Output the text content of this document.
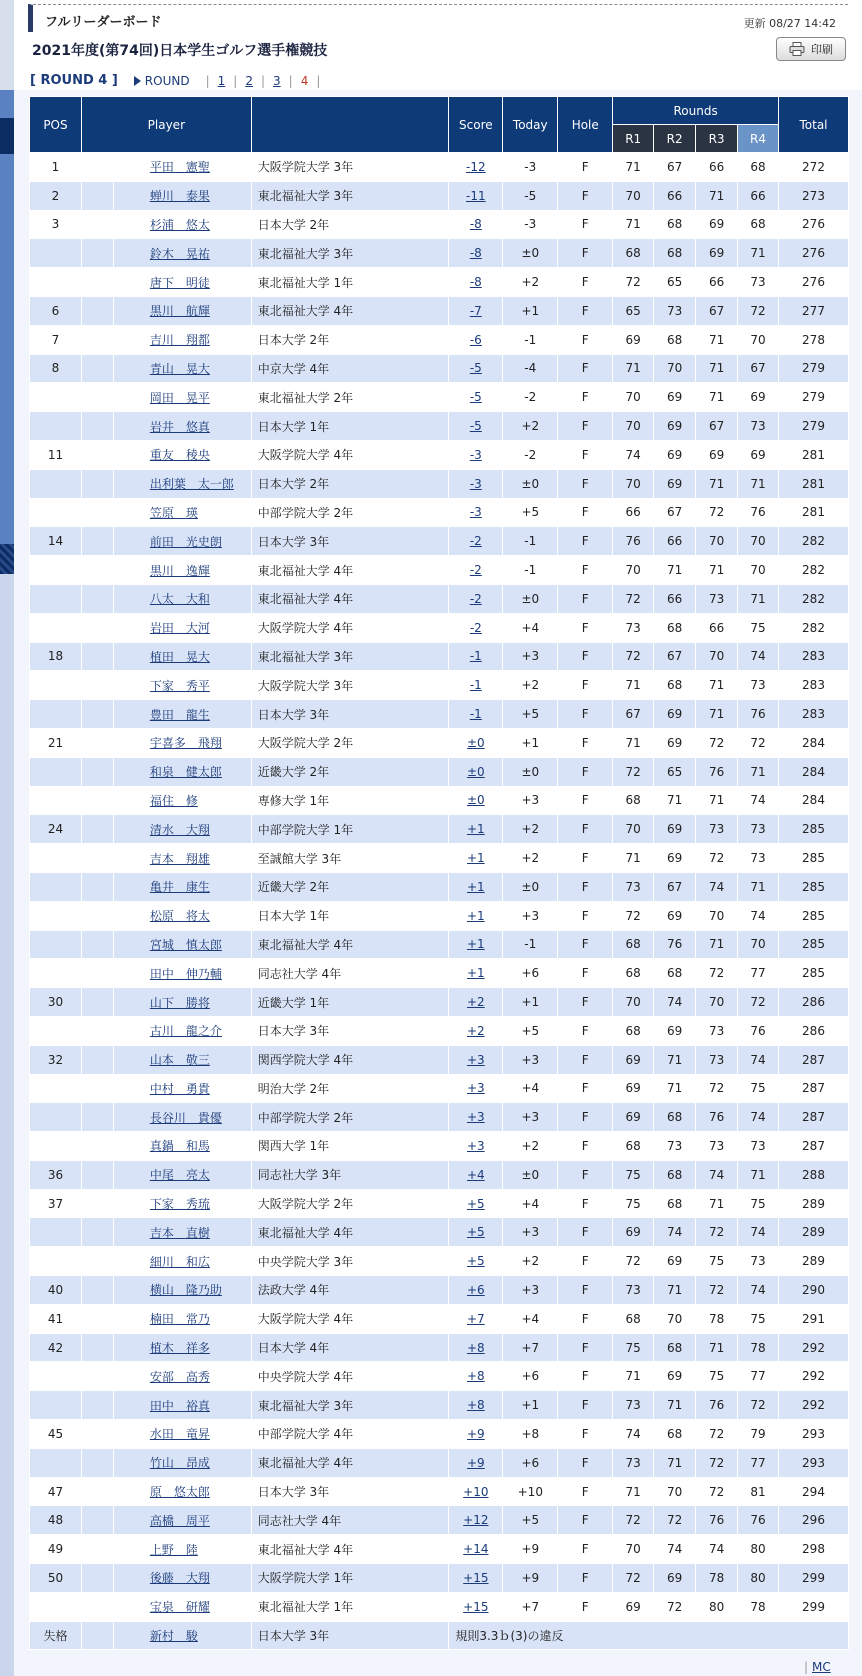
フルリーダーボード	更新 08/27 14:42
2021年度(第74回)日本学生ゴルフ選手権競技	印刷
[ ROUND 4 ] ROUND | 1 | 2 | 3 | 4 |
POS	Player			Score	Today	Hole	Rounds				Total
							R1	R2	R3	R4	
1		平田　憲聖	大阪学院大学 3年	-12	-3	F	71	67	66	68	272
2		蝉川　泰果	東北福祉大学 3年	-11	-5	F	70	66	71	66	273
3		杉浦　悠太	日本大学 2年	-8	-3	F	71	68	69	68	276
		鈴木　晃祐	東北福祉大学 3年	-8	±0	F	68	68	69	71	276
		唐下　明徒	東北福祉大学 1年	-8	+2	F	72	65	66	73	276
6		黒川　航輝	東北福祉大学 4年	-7	+1	F	65	73	67	72	277
7		吉川　翔都	日本大学 2年	-6	-1	F	69	68	71	70	278
8		青山　晃大	中京大学 4年	-5	-4	F	71	70	71	67	279
		岡田　晃平	東北福祉大学 2年	-5	-2	F	70	69	71	69	279
		岩井　悠真	日本大学 1年	-5	+2	F	70	69	67	73	279
11		重友　稜央	大阪学院大学 4年	-3	-2	F	74	69	69	69	281
		出利葉　太一郎	日本大学 2年	-3	±0	F	70	69	71	71	281
		笠原　瑛	中部学院大学 2年	-3	+5	F	66	67	72	76	281
14		前田　光史朗	日本大学 3年	-2	-1	F	76	66	70	70	282
		黒川　逸輝	東北福祉大学 4年	-2	-1	F	70	71	71	70	282
		八太　大和	東北福祉大学 4年	-2	±0	F	72	66	73	71	282
		岩田　大河	大阪学院大学 4年	-2	+4	F	73	68	66	75	282
18		植田　晃大	東北福祉大学 3年	-1	+3	F	72	67	70	74	283
		下家　秀平	大阪学院大学 3年	-1	+2	F	71	68	71	73	283
		豊田　龍生	日本大学 3年	-1	+5	F	67	69	71	76	283
21		宇喜多　飛翔	大阪学院大学 2年	±0	+1	F	71	69	72	72	284
		和泉　健太郎	近畿大学 2年	±0	±0	F	72	65	76	71	284
		福住　修	専修大学 1年	±0	+3	F	68	71	71	74	284
24		清水　大翔	中部学院大学 1年	+1	+2	F	70	69	73	73	285
		吉本　翔雄	至誠館大学 3年	+1	+2	F	71	69	72	73	285
		亀井　康生	近畿大学 2年	+1	±0	F	73	67	74	71	285
		松原　将太	日本大学 1年	+1	+3	F	72	69	70	74	285
		宮城　慎太郎	東北福祉大学 4年	+1	-1	F	68	76	71	70	285
		田中　伸乃輔	同志社大学 4年	+1	+6	F	68	68	72	77	285
30		山下　勝将	近畿大学 1年	+2	+1	F	70	74	70	72	286
		古川　龍之介	日本大学 3年	+2	+5	F	68	69	73	76	286
32		山本　敬三	関西学院大学 4年	+3	+3	F	69	71	73	74	287
		中村　勇貴	明治大学 2年	+3	+4	F	69	71	72	75	287
		長谷川　貴優	中部学院大学 2年	+3	+3	F	69	68	76	74	287
		真鍋　和馬	関西大学 1年	+3	+2	F	68	73	73	73	287
36		中尾　亮太	同志社大学 3年	+4	±0	F	75	68	74	71	288
37		下家　秀琉	大阪学院大学 2年	+5	+4	F	75	68	71	75	289
		吉本　直樹	東北福祉大学 4年	+5	+3	F	69	74	72	74	289
		細川　和広	中央学院大学 3年	+5	+2	F	72	69	75	73	289
40		横山　隆乃助	法政大学 4年	+6	+3	F	73	71	72	74	290
41		楠田　常乃	大阪学院大学 4年	+7	+4	F	68	70	78	75	291
42		植木　祥多	日本大学 4年	+8	+7	F	75	68	71	78	292
		安部　高秀	中央学院大学 4年	+8	+6	F	71	69	75	77	292
		田中　裕真	東北福祉大学 3年	+8	+1	F	73	71	76	72	292
45		水田　竜昇	中部学院大学 4年	+9	+8	F	74	68	72	79	293
		竹山　昂成	東北福祉大学 4年	+9	+6	F	73	71	72	77	293
47		原　悠太郎	日本大学 3年	+10	+10	F	71	70	72	81	294
48		高橋　周平	同志社大学 4年	+12	+5	F	72	72	76	76	296
49		上野　陸	東北福祉大学 4年	+14	+9	F	70	74	74	80	298
50		後藤　大翔	大阪学院大学 1年	+15	+9	F	72	69	78	80	299
		宝泉　研耀	東北福祉大学 1年	+15	+7	F	69	72	80	78	299
失格		新村　駿	日本大学 3年	規則3.3ｂ(3)の違反							
| MC
